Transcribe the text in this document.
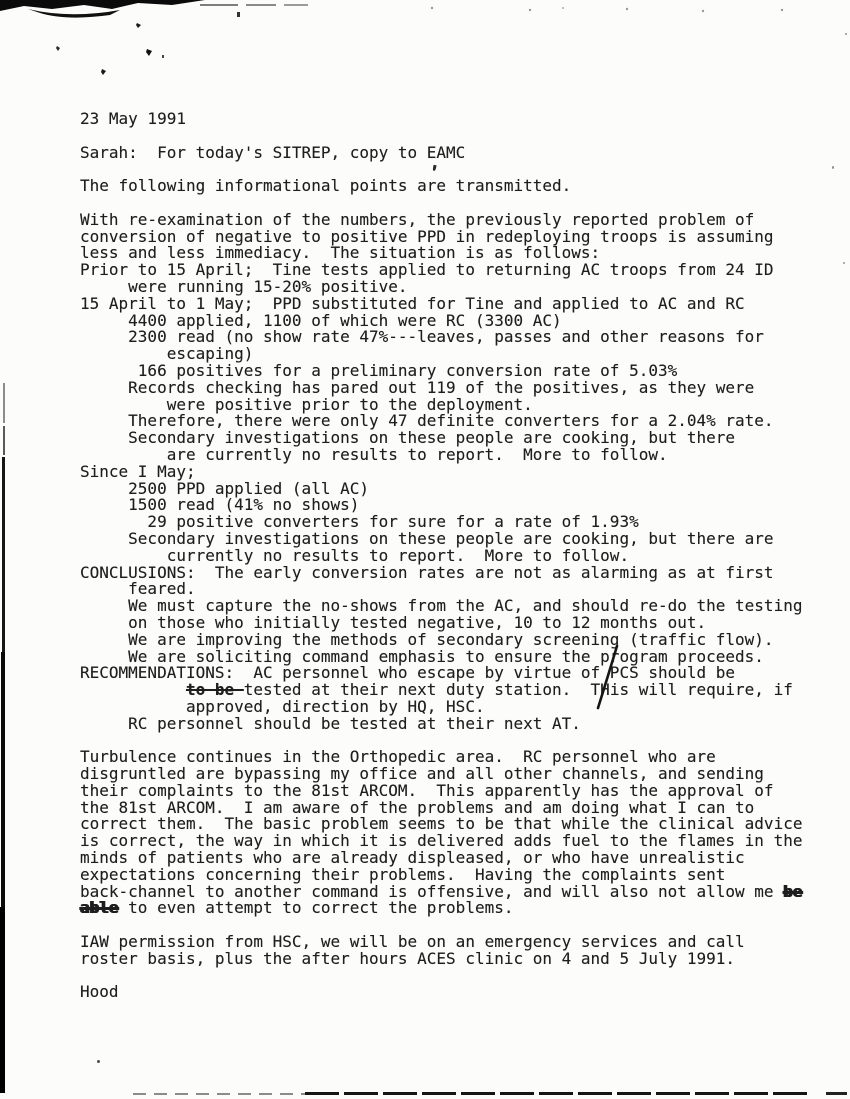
23 May 1991

Sarah:  For today's SITREP, copy to EAMC

The following informational points are transmitted.

With re-examination of the numbers, the previously reported problem of
conversion of negative to positive PPD in redeploying troops is assuming
less and less immediacy.  The situation is as follows:
Prior to 15 April;  Tine tests applied to returning AC troops from 24 ID
were running 15-20% positive.
15 April to 1 May;  PPD substituted for Tine and applied to AC and RC
4400 applied, 1100 of which were RC (3300 AC)
2300 read (no show rate 47%---leaves, passes and other reasons for
escaping)
166 positives for a preliminary conversion rate of 5.03%
Records checking has pared out 119 of the positives, as they were
were positive prior to the deployment.
Therefore, there were only 47 definite converters for a 2.04% rate.
Secondary investigations on these people are cooking, but there
are currently no results to report.  More to follow.
Since I May;
2500 PPD applied (all AC)
1500 read (41% no shows)
29 positive converters for sure for a rate of 1.93%
Secondary investigations on these people are cooking, but there are
currently no results to report.  More to follow.
CONCLUSIONS:  The early conversion rates are not as alarming as at first
feared.
We must capture the no-shows from the AC, and should re-do the testing
on those who initially tested negative, 10 to 12 months out.
We are improving the methods of secondary screening (traffic flow).
We are soliciting command emphasis to ensure the program proceeds.
RECOMMENDATIONS:  AC personnel who escape by virtue of PCS should be
to be tested at their next duty station.  THis will require, if
approved, direction by HQ, HSC.
RC personnel should be tested at their next AT.

Turbulence continues in the Orthopedic area.  RC personnel who are
disgruntled are bypassing my office and all other channels, and sending
their complaints to the 81st ARCOM.  This apparently has the approval of
the 81st ARCOM.  I am aware of the problems and am doing what I can to
correct them.  The basic problem seems to be that while the clinical advice
is correct, the way in which it is delivered adds fuel to the flames in the
minds of patients who are already displeased, or who have unrealistic
expectations concerning their problems.  Having the complaints sent
back-channel to another command is offensive, and will also not allow me be
able to even attempt to correct the problems.

IAW permission from HSC, we will be on an emergency services and call
roster basis, plus the after hours ACES clinic on 4 and 5 July 1991.

Hood
